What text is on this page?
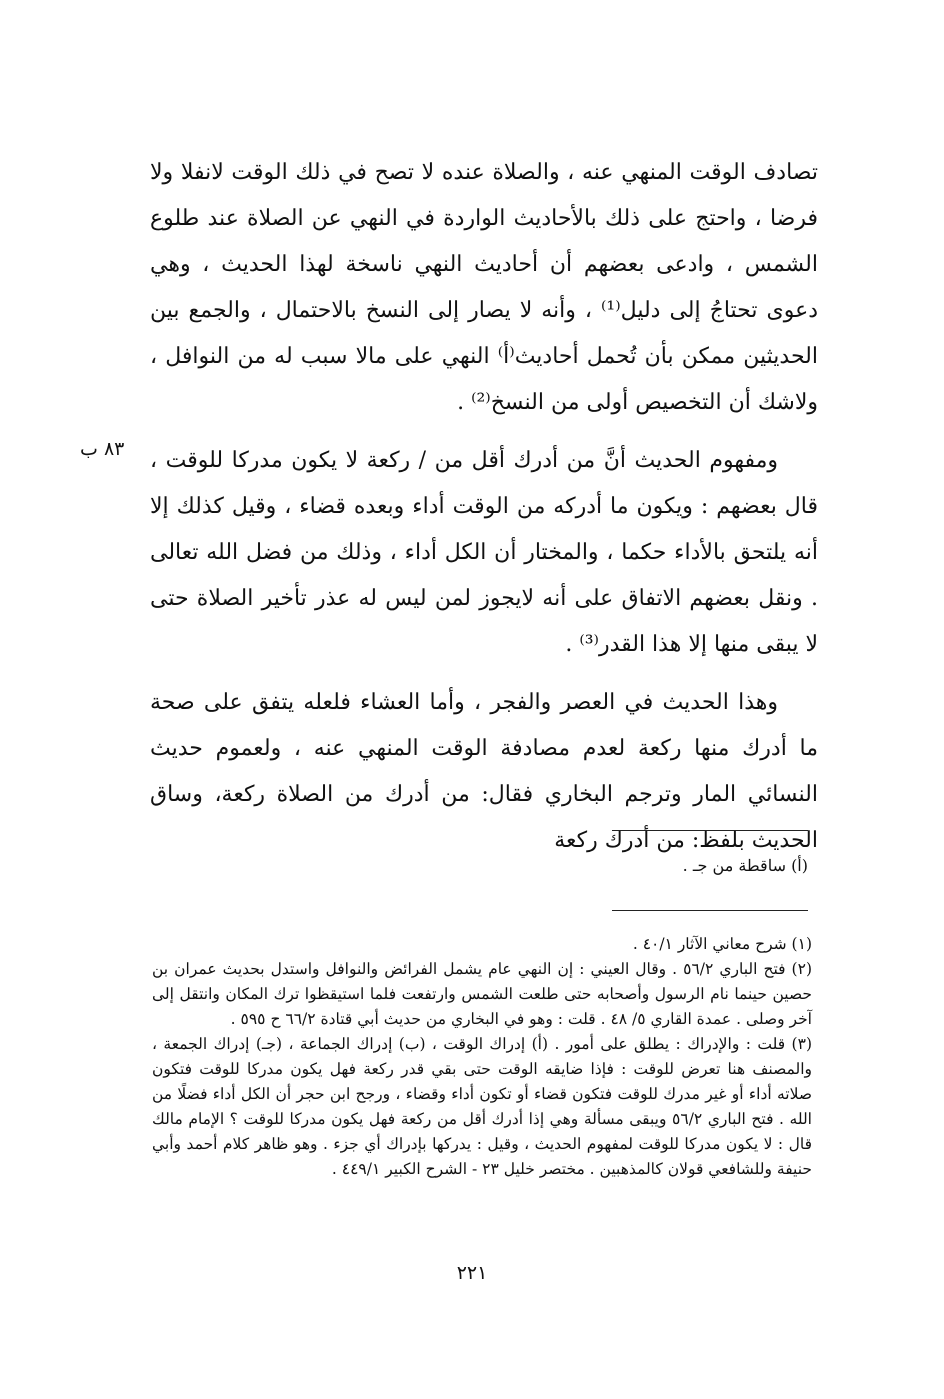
تصادف الوقت المنهي عنه ، والصلاة عنده لا تصح في ذلك الوقت لانفلا ولا فرضا ، واحتج على ذلك بالأحاديث الواردة في النهي عن الصلاة عند طلوع الشمس ، وادعى بعضهم أن أحاديث النهي ناسخة لهذا الحديث ، وهي دعوى تحتاجُ إلى دليل⁽¹⁾ ، وأنه لا يصار إلى النسخ بالاحتمال ، والجمع بين الحديثين ممكن بأن تُحمل أحاديث⁽أ⁾ النهي على مالا سبب له من النوافل ، ولاشك أن التخصيص أولى من النسخ⁽²⁾ .

ومفهوم الحديث أنَّ من أدرك أقل من / ركعة لا يكون مدركا للوقت ، قال بعضهم : ويكون ما أدركه من الوقت أداء وبعده قضاء ، وقيل كذلك إلا أنه يلتحق بالأداء حكما ، والمختار أن الكل أداء ، وذلك من فضل الله تعالى . ونقل بعضهم الاتفاق على أنه لايجوز لمن ليس له عذر تأخير الصلاة حتى لا يبقى منها إلا هذا القدر⁽³⁾ .

وهذا الحديث في العصر والفجر ، وأما العشاء فلعله يتفق على صحة ما أدرك منها ركعة لعدم مصادفة الوقت المنهي عنه ، ولعموم حديث النسائي المار وترجم البخاري فقال: من أدرك من الصلاة ركعة، وساق الحديث بلفظ: من أدرك ركعة

٨٣ ب
(أ) ساقطة من جـ .

(١) شرح معاني الآثار ٤٠/١ .

(٢) فتح الباري ٥٦/٢ . وقال العيني : إن النهي عام يشمل الفرائض والنوافل واستدل بحديث عمران بن حصين حينما نام الرسول وأصحابه حتى طلعت الشمس وارتفعت فلما استيقظوا ترك المكان وانتقل إلى آخر وصلى . عمدة القاري ٥/ ٤٨ . قلت : وهو في البخاري من حديث أبي قتادة ٦٦/٢ ح ٥٩٥ .

(٣) قلت : والإدراك : يطلق على أمور . (أ) إدراك الوقت ، (ب) إدراك الجماعة ، (جـ) إدراك الجمعة ، والمصنف هنا تعرض للوقت : فإذا ضايقه الوقت حتى بقي قدر ركعة فهل يكون مدركا للوقت فتكون صلاته أداء أو غير مدرك للوقت فتكون قضاء أو تكون أداء وقضاء ، ورجح ابن حجر أن الكل أداء فضلًا من الله . فتح الباري ٥٦/٢ ويبقى مسألة وهي إذا أدرك أقل من ركعة فهل يكون مدركا للوقت ؟ الإمام مالك قال : لا يكون مدركا للوقت لمفهوم الحديث ، وقيل : يدركها بإدراك أي جزء . وهو ظاهر كلام أحمد وأبي حنيفة وللشافعي قولان كالمذهبين . مختصر خليل ٢٣ - الشرح الكبير ٤٤٩/١ .

٢٢١
